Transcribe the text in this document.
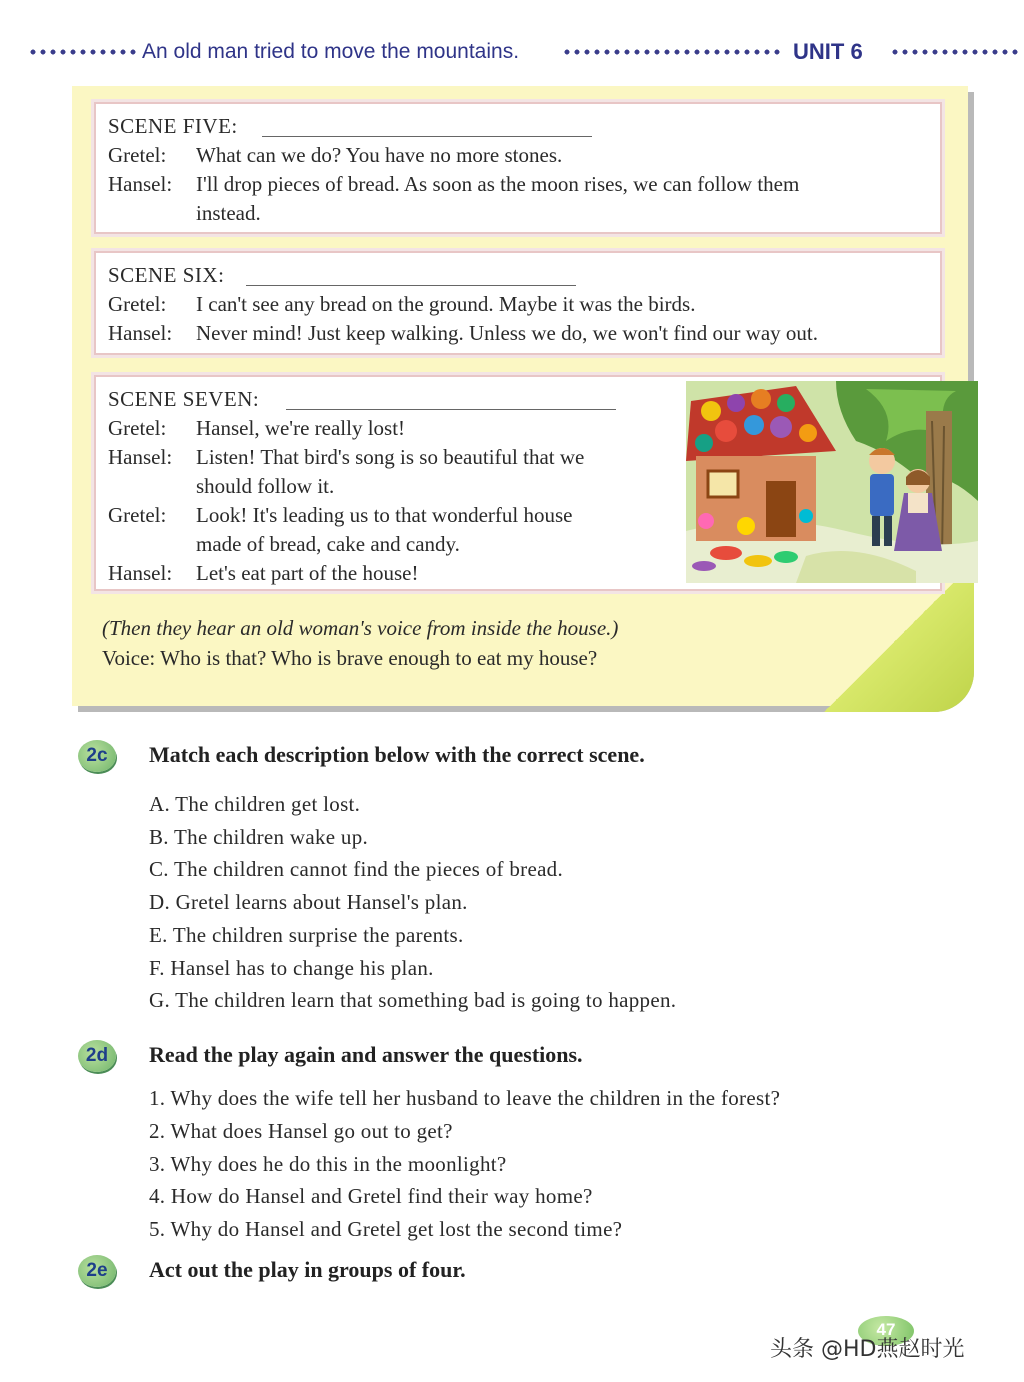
An old man tried to move the mountains.	UNIT 6
SCENE FIVE:
Gretel: What can we do? You have no more stones.
Hansel: I'll drop pieces of bread. As soon as the moon rises, we can follow them
instead.
SCENE SIX:
Gretel: I can't see any bread on the ground. Maybe it was the birds.
Hansel: Never mind! Just keep walking. Unless we do, we won't find our way out.
SCENE SEVEN:
Gretel: Hansel, we're really lost!
Hansel: Listen! That bird's song is so beautiful that we
should follow it.
Gretel: Look! It's leading us to that wonderful house
made of bread, cake and candy.
Hansel: Let's eat part of the house!
(Then they hear an old woman's voice from inside the house.)
Voice: Who is that? Who is brave enough to eat my house?
2c	Match each description below with the correct scene.
A. The children get lost.
B. The children wake up.
C. The children cannot find the pieces of bread.
D. Gretel learns about Hansel's plan.
E. The children surprise the parents.
F. Hansel has to change his plan.
G. The children learn that something bad is going to happen.
2d	Read the play again and answer the questions.
1. Why does the wife tell her husband to leave the children in the forest?
2. What does Hansel go out to get?
3. Why does he do this in the moonlight?
4. How do Hansel and Gretel find their way home?
5. Why do Hansel and Gretel get lost the second time?
2e	Act out the play in groups of four.
47
头条 @HD燕赵时光
